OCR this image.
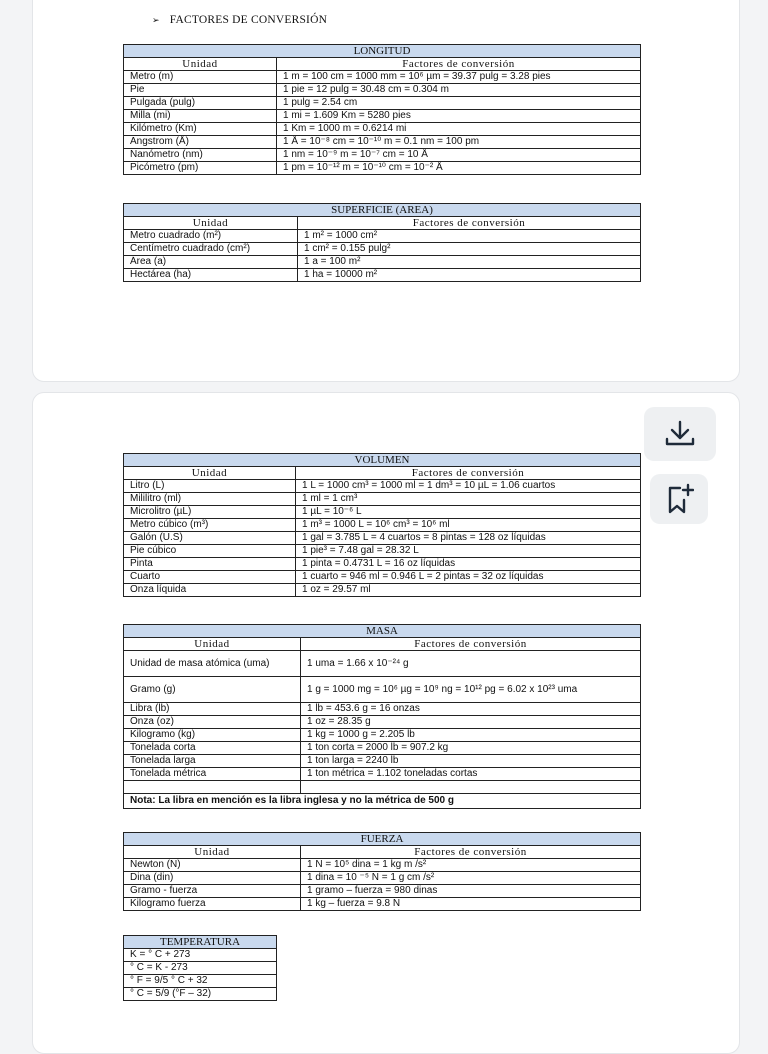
➢ FACTORES DE CONVERSIÓN
LONGITUD	
Unidad	Factores de conversión
Metro (m)	1 m = 100 cm = 1000 mm = 10⁶ µm = 39.37 pulg = 3.28 pies
Pie	1 pie = 12 pulg = 30.48 cm = 0.304 m
Pulgada (pulg)	1 pulg = 2.54 cm
Milla (mi)	1 mi = 1.609 Km = 5280 pies
Kilómetro (Km)	1 Km = 1000 m = 0.6214 mi
Angstrom (Å)	1 Å = 10⁻⁸ cm = 10⁻¹⁰ m = 0.1 nm = 100 pm
Nanómetro (nm)	1 nm = 10⁻⁹ m = 10⁻⁷ cm = 10 Å
Picómetro (pm)	1 pm = 10⁻¹² m = 10⁻¹⁰ cm = 10⁻² Å
SUPERFICIE (AREA)	
Unidad	Factores de conversión
Metro cuadrado (m²)	1 m² = 1000 cm²
Centímetro cuadrado (cm²)	1 cm² = 0.155 pulg²
Área (a)	1 a = 100 m²
Hectárea (ha)	1 ha = 10000 m²
VOLUMEN	
Unidad	Factores de conversión
Litro (L)	1 L = 1000 cm³ = 1000 ml = 1 dm³ = 10 µL = 1.06 cuartos
Mililitro (ml)	1 ml = 1 cm³
Microlitro (µL)	1 µL = 10⁻⁶ L
Metro cúbico (m³)	1 m³ = 1000 L = 10⁶ cm³ = 10⁶ ml
Galón (U.S)	1 gal = 3.785 L = 4 cuartos = 8 pintas = 128 oz líquidas
Pie cúbico	1 pie³ = 7.48 gal = 28.32 L
Pinta	1 pinta = 0.4731 L = 16 oz líquidas
Cuarto	1 cuarto = 946 ml = 0.946 L = 2 pintas = 32 oz líquidas
Onza líquida	1 oz = 29.57 ml
MASA	
Unidad	Factores de conversión
Unidad de masa atómica (uma)	1 uma = 1.66 x 10⁻²⁴ g
Gramo (g)	1 g = 1000 mg = 10⁶ µg = 10⁹ ng = 10¹² pg = 6.02 x 10²³ uma
Libra (lb)	1 lb = 453.6 g = 16 onzas
Onza (oz)	1 oz = 28.35 g
Kilogramo (kg)	1 kg = 1000 g = 2.205 lb
Tonelada corta	1 ton corta = 2000 lb = 907.2 kg
Tonelada larga	1 ton larga = 2240 lb
Tonelada métrica	1 ton métrica = 1.102 toneladas cortas

Nota: La libra en mención es la libra inglesa y no la métrica de 500 g	
FUERZA	
Unidad	Factores de conversión
Newton (N)	1 N = 10⁵ dina = 1 kg m /s²
Dina (din)	1 dina = 10 ⁻⁵ N = 1 g cm /s²
Gramo - fuerza	1 gramo – fuerza = 980 dinas
Kilogramo fuerza	1 kg – fuerza = 9.8 N
TEMPERATURA
K = ° C + 273
° C = K - 273
° F = 9/5 ° C + 32
° C = 5/9 (°F – 32)
